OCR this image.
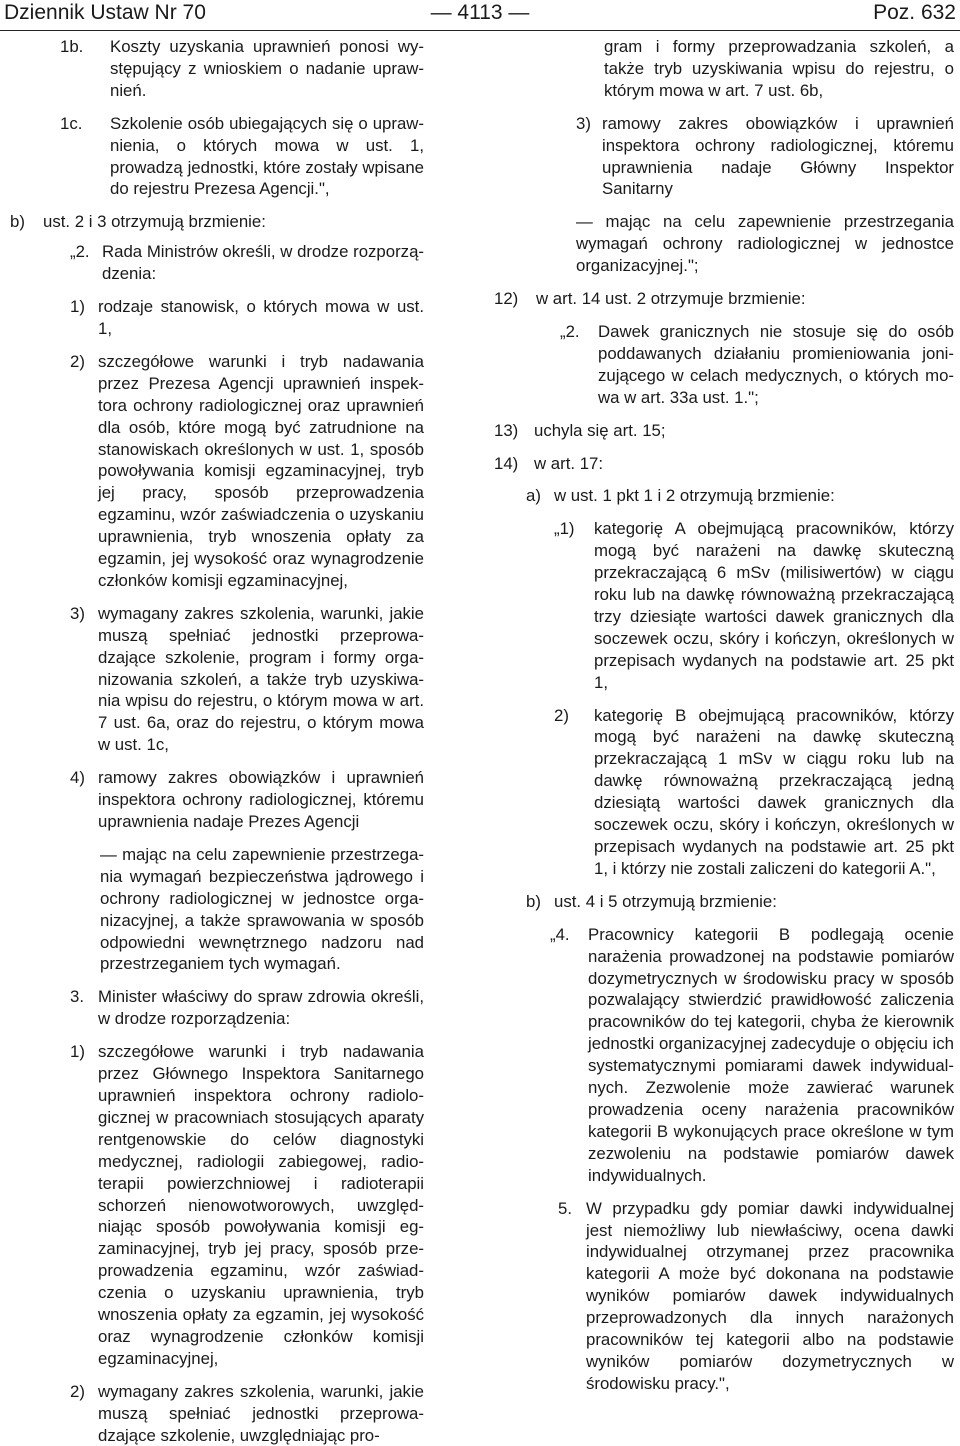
Dziennik Ustaw Nr 70	— 4113 —	Poz. 632
1b.	Koszty uzyskania uprawnień ponosi występujący z wnioskiem o nadanie uprawnień.
1c.	Szkolenie osób ubiegających się o uprawnienia, o których mowa w ust. 1, prowadzą jednostki, które zostały wpisane do rejestru Prezesa Agencji.",
b)	ust. 2 i 3 otrzymują brzmienie:
„2. Rada Ministrów określi, w drodze rozporządzenia:
1) rodzaje stanowisk, o których mowa w ust. 1,
2) szczegółowe warunki i tryb nadawania przez Prezesa Agencji uprawnień inspektora ochrony radiologicznej oraz uprawnień dla osób, które mogą być zatrudnione na stanowiskach określonych w ust. 1, sposób powoływania komisji egzaminacyjnej, tryb jej pracy, sposób przeprowadzenia egzaminu, wzór zaświadczenia o uzyskaniu uprawnienia, tryb wnoszenia opłaty za egzamin, jej wysokość oraz wynagrodzenie członków komisji egzaminacyjnej,
3) wymagany zakres szkolenia, warunki, jakie muszą spełniać jednostki przeprowadzające szkolenie, program i formy organizowania szkoleń, a także tryb uzyskiwania wpisu do rejestru, o którym mowa w art. 7 ust. 6a, oraz do rejestru, o którym mowa w ust. 1c,
4) ramowy zakres obowiązków i uprawnień inspektora ochrony radiologicznej, któremu uprawnienia nadaje Prezes Agencji
— mając na celu zapewnienie przestrzegania wymagań bezpieczeństwa jądrowego i ochrony radiologicznej w jednostce organizacyjnej, a także sprawowania w sposób odpowiedni wewnętrznego nadzoru nad przestrzeganiem tych wymagań.
3. Minister właściwy do spraw zdrowia określi, w drodze rozporządzenia:
1) szczegółowe warunki i tryb nadawania przez Głównego Inspektora Sanitarnego uprawnień inspektora ochrony radiologicznej w pracowniach stosujących aparaty rentgenowskie do celów diagnostyki medycznej, radiologii zabiegowej, radioterapii powierzchniowej i radioterapii schorzeń nienowotworowych, uwzględniając sposób powoływania komisji egzaminacyjnej, tryb jej pracy, sposób przeprowadzenia egzaminu, wzór zaświadczenia o uzyskaniu uprawnienia, tryb wnoszenia opłaty za egzamin, jej wysokość oraz wynagrodzenie członków komisji egzaminacyjnej,
2) wymagany zakres szkolenia, warunki, jakie muszą spełniać jednostki przeprowadzające szkolenie, uwzględniając pro-
gram i formy przeprowadzania szkoleń, a także tryb uzyskiwania wpisu do rejestru, o którym mowa w art. 7 ust. 6b,
3) ramowy zakres obowiązków i uprawnień inspektora ochrony radiologicznej, któremu uprawnienia nadaje Główny Inspektor Sanitarny
— mając na celu zapewnienie przestrzegania wymagań ochrony radiologicznej w jednostce organizacyjnej.";
12)	w art. 14 ust. 2 otrzymuje brzmienie:
„2.	Dawek granicznych nie stosuje się do osób poddawanych działaniu promieniowania jonizującego w celach medycznych, o których mowa w art. 33a ust. 1.";
13) uchyla się art. 15;
14) w art. 17:
a) w ust. 1 pkt 1 i 2 otrzymują brzmienie:
„1)	kategorię A obejmującą pracowników, którzy mogą być narażeni na dawkę skuteczną przekraczającą 6 mSv (milisiwertów) w ciągu roku lub na dawkę równoważną przekraczającą trzy dziesiąte wartości dawek granicznych dla soczewek oczu, skóry i kończyn, określonych w przepisach wydanych na podstawie art. 25 pkt 1,
2)	kategorię B obejmującą pracowników, którzy mogą być narażeni na dawkę skuteczną przekraczającą 1 mSv w ciągu roku lub na dawkę równoważną przekraczającą jedną dziesiątą wartości dawek granicznych dla soczewek oczu, skóry i kończyn, określonych w przepisach wydanych na podstawie art. 25 pkt 1, i którzy nie zostali zaliczeni do kategorii A.",
b) ust. 4 i 5 otrzymują brzmienie:
„4.	Pracownicy kategorii B podlegają ocenie narażenia prowadzonej na podstawie pomiarów dozymetrycznych w środowisku pracy w sposób pozwalający stwierdzić prawidłowość zaliczenia pracowników do tej kategorii, chyba że kierownik jednostki organizacyjnej zadecyduje o objęciu ich systematycznymi pomiarami dawek indywidualnych. Zezwolenie może zawierać warunek prowadzenia oceny narażenia pracowników kategorii B wykonujących prace określone w tym zezwoleniu na podstawie pomiarów dawek indywidualnych.
5. W przypadku gdy pomiar dawki indywidualnej jest niemożliwy lub niewłaściwy, ocena dawki indywidualnej otrzymanej przez pracownika kategorii A może być dokonana na podstawie wyników pomiarów dawek indywidualnych przeprowadzonych dla innych narażonych pracowników tej kategorii albo na podstawie wyników pomiarów dozymetrycznych w środowisku pracy.",
